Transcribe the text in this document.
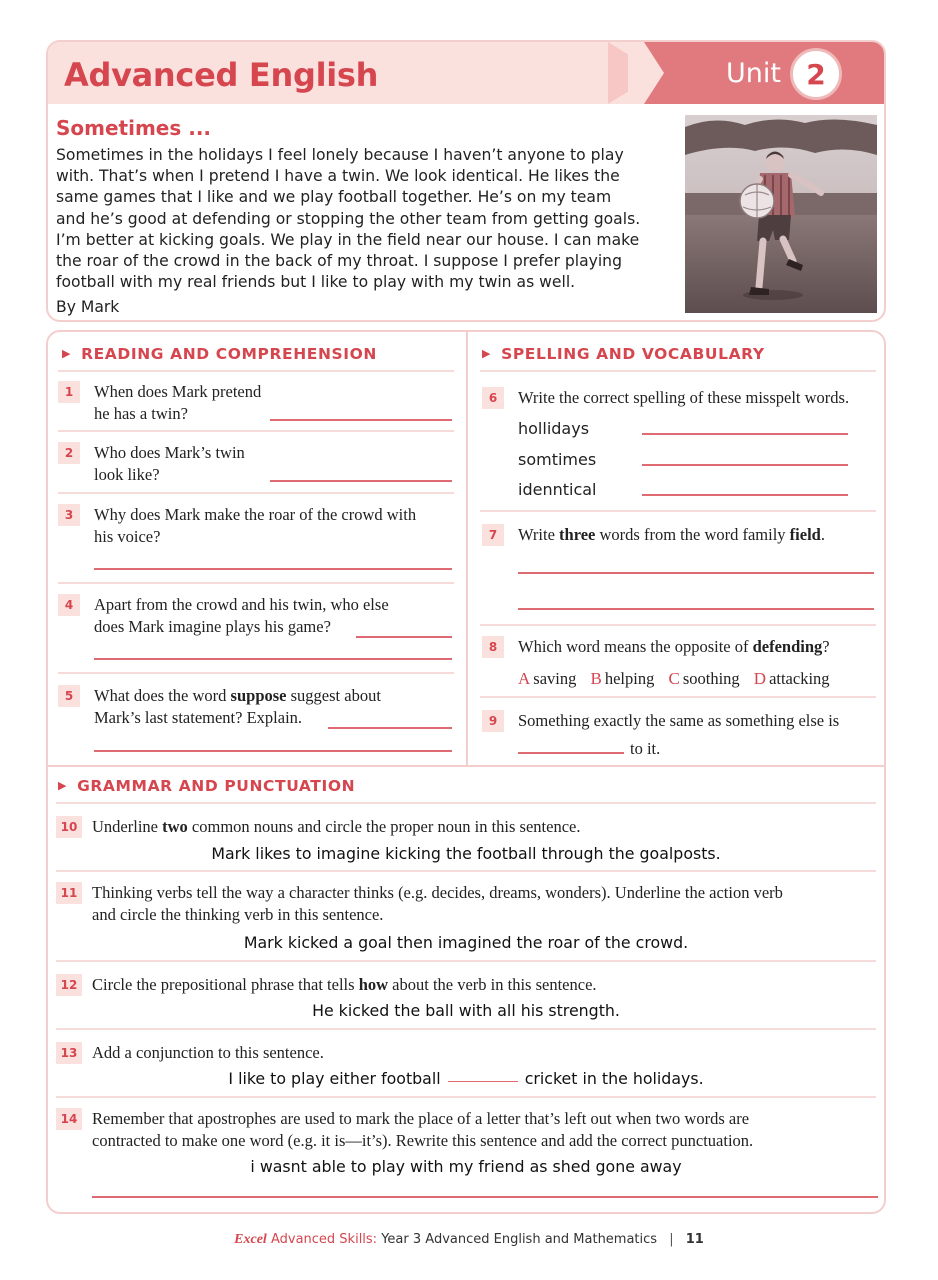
Advanced English	Unit 2
Sometimes ...
Sometimes in the holidays I feel lonely because I haven’t anyone to play
with. That’s when I pretend I have a twin. We look identical. He likes the
same games that I like and we play football together. He’s on my team
and he’s good at defending or stopping the other team from getting goals.
I’m better at kicking goals. We play in the field near our house. I can make
the roar of the crowd in the back of my throat. I suppose I prefer playing
football with my real friends but I like to play with my twin as well.
By Mark
▶ READING AND COMPREHENSION
1	When does Mark pretend
he has a twin?
2	Who does Mark’s twin
look like?
3	Why does Mark make the roar of the crowd with
his voice?
4	Apart from the crowd and his twin, who else
does Mark imagine plays his game?
5	What does the word suppose suggest about
Mark’s last statement? Explain.
▶ SPELLING AND VOCABULARY
6	Write the correct spelling of these misspelt words.
hollidays
somtimes
idenntical
7	Write three words from the word family field.
8	Which word means the opposite of defending?
A saving B helping C soothing D attacking
9	Something exactly the same as something else is
to it.
▶ GRAMMAR AND PUNCTUATION
10 Underline two common nouns and circle the proper noun in this sentence.
Mark likes to imagine kicking the football through the goalposts.
11 Thinking verbs tell the way a character thinks (e.g. decides, dreams, wonders). Underline the action verb
and circle the thinking verb in this sentence.
Mark kicked a goal then imagined the roar of the crowd.
12 Circle the prepositional phrase that tells how about the verb in this sentence.
He kicked the ball with all his strength.
13 Add a conjunction to this sentence.
I like to play either football	cricket in the holidays.
14 Remember that apostrophes are used to mark the place of a letter that’s left out when two words are
contracted to make one word (e.g. it is—it’s). Rewrite this sentence and add the correct punctuation.
i wasnt able to play with my friend as shed gone away
Excel Advanced Skills: Year 3 Advanced English and Mathematics | 11
